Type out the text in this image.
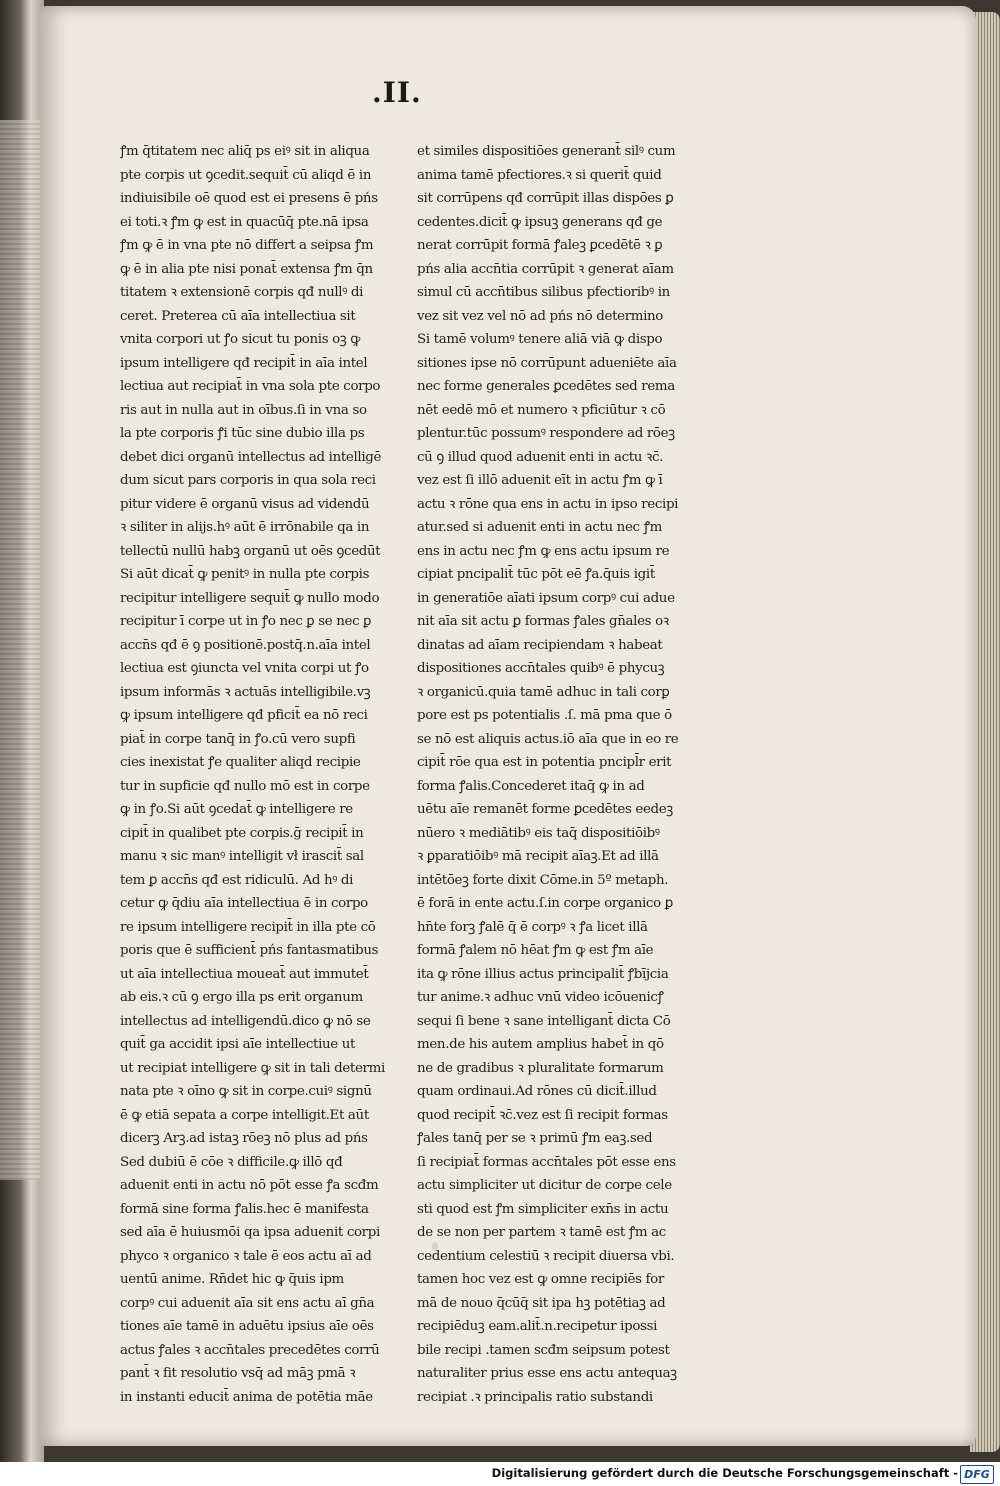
.II.
ꝭm q̄titatem nec aliq̄ ps eiꝰ sit in aliqua
pte corpis ut ꝯcedit.sequit̄ cū aliqd ē in
indiuisibile oē quod est ei presens ē pńs
ei toti.ꝛ ꝭm ꝙ est in quacūq̄ pte.nā ipsa
ꝭm ꝙ ē in vna pte nō differt a seipsa ꝭm
ꝙ ē in alia pte nisi ponat̄ extensa ꝭm q̄n
titatem ꝛ extensionē corpis qđ nullꝰ di
ceret. Preterea cū aīa intellectiua sit
vnita corpori ut ꝭo sicut tu ponis oꝫ ꝙ
ipsum intelligere qđ recipit̄ in aīa intel
lectiua aut recipiat̄ in vna sola pte corpo
ris aut in nulla aut in oībus.ſi in vna so
la pte corporis ꝭi tūc sine dubio illa ps
debet dici organū intellectus ad intelligē
dum sicut pars corporis in qua sola reci
pitur videre ē organū visus ad videndū
ꝛ siliter in alijs.hꝰ aūt ē irrōnabile qa in
tellectū nullū habꝫ organū ut oēs ꝯcedūt
Si aūt dicat̄ ꝙ penitꝰ in nulla pte corpis
recipitur intelligere sequit̄ ꝙ nullo modo
recipitur ī corpe ut in ꝭo nec ꝑ se nec ꝑ
accn̄s qđ ē ꝯ positionē.postq̄.n.aīa intel
lectiua est ꝯiuncta vel vnita corpi ut ꝭo
ipsum informās ꝛ actuās intelligibile.vꝫ
ꝙ ipsum intelligere qđ pficit̄ ea nō reci
piat̄ in corpe tanq̄ in ꝭo.cū vero supfi
cies inexistat ꝭe qualiter aliqd recipie
tur in supficie qđ nullo mō est in corpe
ꝙ in ꝭo.Si aūt ꝯcedat̄ ꝙ intelligere re
cipit̄ in qualibet pte corpis.ḡ recipit̄ in
manu ꝛ sic manꝰ intelligit vł irascit̄ sal
tem ꝑ accn̄s qđ est ridiculū. Ad hꝰ di
cetur ꝙ q̄diu aīa intellectiua ē in corpo
re ipsum intelligere recipit̄ in illa pte cō
poris que ē sufficient̄ pńs fantasmatibus
ut aīa intellectiua moueat̄ aut immutet̄
ab eis.ꝛ cū ꝯ ergo illa ps erit organum
intellectus ad intelligendū.dico ꝙ nō se
quit̄ ga accidit ipsi aīe intellectiue ut
ut recipiat intelligere ꝙ sit in tali determi
nata pte ꝛ oīno ꝙ sit in corpe.cuiꝰ signū
ē ꝙ etiā sepata a corpe intelligit.Et aūt
dicerꝫ Arꝫ.ad istaꝫ rōeꝫ nō plus ad pńs
Sed dubiū ē cōe ꝛ difficile.ꝙ illō qđ
aduenit enti in actu nō pōt esse ꝭa scđm
formā sine forma ꝭalis.hec ē manifesta
sed aīa ē huiusmōi qa ipsa aduenit corpi
phyco ꝛ organico ꝛ tale ē eos actu aī ad
uentū anime. Rn̄det hic ꝙ q̄uis ipm
corpꝰ cui aduenit aīa sit ens actu aī gn̄a
tiones aīe tamē in aduētu ipsius aīe oēs
actus ꝭales ꝛ accn̄tales precedētes corrū
pant̄ ꝛ fit resolutio vsq̄ ad māꝫ pmā ꝛ
in instanti educit̄ anima de potētia māe
et similes dispositiōes generant̄ silꝰ cum
anima tamē pfectiores.ꝛ si querit̄ quid
sit corrūpens qđ corrūpit illas dispōes ꝑ
cedentes.dicit̄ ꝙ ipsuꝫ generans qđ ge
nerat corrūpit formā ꝭaleꝫ ꝑcedētē ꝛ ꝑ
pńs alia accn̄tia corrūpit ꝛ generat aīam
simul cū accn̄tibus silibus pfectioribꝰ in
vez sit vez vel nō ad pńs nō determino
Si tamē volumꝰ tenere aliā viā ꝙ dispo
sitiones ipse nō corrūpunt adueniēte aīa
nec forme generales ꝑcedētes sed rema
nēt eedē mō et numero ꝛ pficiūtur ꝛ cō
plentur.tūc possumꝰ respondere ad rōeꝫ
cū ꝯ illud quod aduenit enti in actu ꝛc̄.
vez est ſi illō aduenit eīt in actu ꝭm ꝙ ī
actu ꝛ rōne qua ens in actu in ipso recipi
atur.sed si aduenit enti in actu nec ꝭm
ens in actu nec ꝭm ꝙ ens actu ipsum re
cipiat pncipalit̄ tūc pōt eē ꝭa.q̄uis igit̄
in generatiōe aīati ipsum corpꝰ cui adue
nit aīa sit actu ꝑ formas ꝭales gn̄ales oꝛ
dinatas ad aīam recipiendam ꝛ habeat
dispositiones accn̄tales quibꝰ ē phycuꝫ
ꝛ organicū.quia tamē adhuc in tali corꝑ
pore est ps potentialis .ſ. mā pma que ō
se nō est aliquis actus.iō aīa que in eo re
cipit̄ rōe qua est in potentia pncipl̄r erit
forma ꝭalis.Concederet itaq̄ ꝙ in ad
uētu aīe remanēt forme ꝑcedētes eedeꝫ
nūero ꝛ mediātibꝰ eis taq̄ dispositiōibꝰ
ꝛ ꝑparatiōibꝰ mā recipit aīaꝫ.Et ad illā
intētōeꝫ forte dixit Cōme.in 5º metaph.
ē forā in ente actu.ſ.in corpe organico ꝑ
hn̄te forꝫ ꝭalē q̄ ē corpꝰ ꝛ ꝭa licet illā
formā ꝭalem nō hēat ꝭm ꝙ est ꝭm aīe
ita ꝙ rōne illius actus principalit̄ ꝭbījcia
tur anime.ꝛ adhuc vnū video icōuenicꝭ
sequi ſi bene ꝛ sane intelligant̄ dicta Cō
men.de his autem amplius habet̄ in qō
ne de gradibus ꝛ pluralitate formarum
quam ordinaui.Ad rōnes cū dicit̄.illud
quod recipit̄ ꝛc̄.vez est ſi recipit formas
ꝭales tanq̄ per se ꝛ primū ꝭm eaꝫ.sed
ſi recipiat̄ formas accn̄tales pōt esse ens
actu simpliciter ut dicitur de corpe cele
sti quod est ꝭm simpliciter exn̄s in actu
de se non per partem ꝛ tamē est ꝭm ac
cedentium celestiū ꝛ recipit diuersa vbi.
tamen hoc vez est ꝙ omne recipiēs for
mā de nouo q̄cūq̄ sit ipa hꝫ potētiaꝫ ad
recipiēduꝫ eam.alit̄.n.recipetur ipossi
bile recipi .tamen scđm seipsum potest
naturaliter prius esse ens actu antequaꝫ
recipiat .ꝛ principalis ratio substandi
Digitalisierung gefördert durch die Deutsche Forschungsgemeinschaft - DFG
